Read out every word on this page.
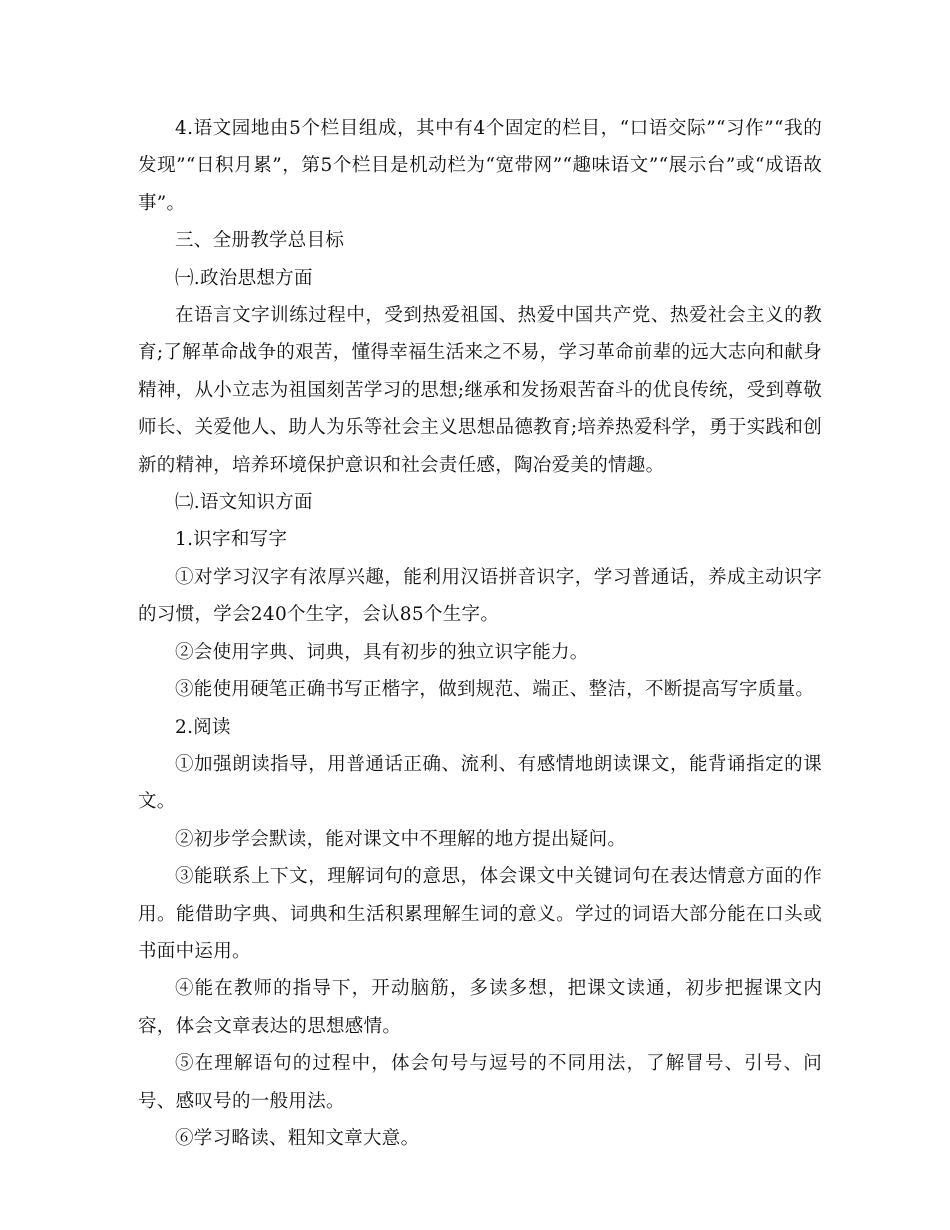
4.语文园地由5个栏目组成，其中有4个固定的栏目，“口语交际”“习作”“我的发现”“日积月累”，第5个栏目是机动栏为“宽带网”“趣味语文”“展示台”或“成语故事”。

三、全册教学总目标

㈠.政治思想方面

在语言文字训练过程中，受到热爱祖国、热爱中国共产党、热爱社会主义的教育;了解革命战争的艰苦，懂得幸福生活来之不易，学习革命前辈的远大志向和献身精神，从小立志为祖国刻苦学习的思想;继承和发扬艰苦奋斗的优良传统，受到尊敬师长、关爱他人、助人为乐等社会主义思想品德教育;培养热爱科学，勇于实践和创新的精神，培养环境保护意识和社会责任感，陶冶爱美的情趣。

㈡.语文知识方面

1.识字和写字

①对学习汉字有浓厚兴趣，能利用汉语拼音识字，学习普通话，养成主动识字的习惯，学会240个生字，会认85个生字。

②会使用字典、词典，具有初步的独立识字能力。

③能使用硬笔正确书写正楷字，做到规范、端正、整洁，不断提高写字质量。

2.阅读

①加强朗读指导，用普通话正确、流利、有感情地朗读课文，能背诵指定的课文。

②初步学会默读，能对课文中不理解的地方提出疑问。

③能联系上下文，理解词句的意思，体会课文中关键词句在表达情意方面的作用。能借助字典、词典和生活积累理解生词的意义。学过的词语大部分能在口头或书面中运用。

④能在教师的指导下，开动脑筋，多读多想，把课文读通，初步把握课文内容，体会文章表达的思想感情。

⑤在理解语句的过程中，体会句号与逗号的不同用法，了解冒号、引号、问号、感叹号的一般用法。

⑥学习略读、粗知文章大意。
